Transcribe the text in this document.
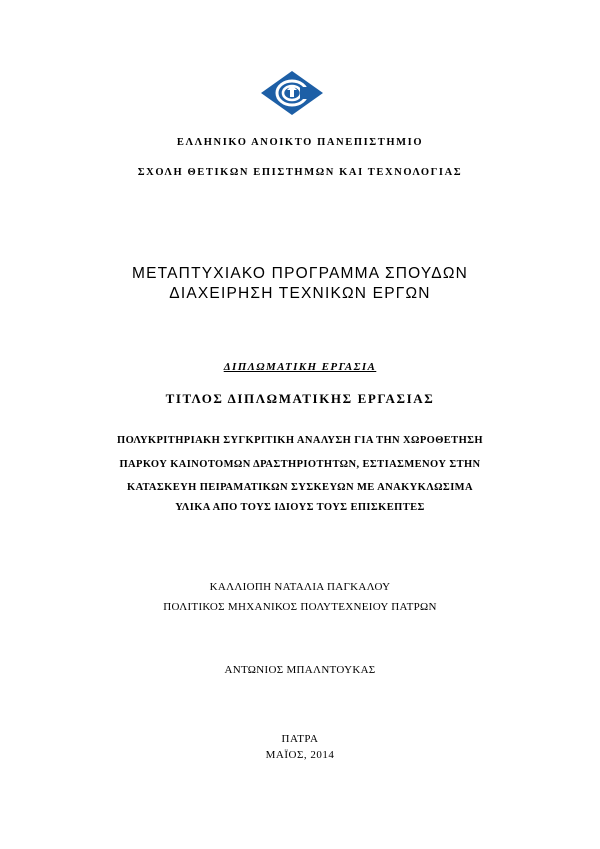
ΕΛΛΗΝΙΚΟ ΑΝΟΙΚΤΟ ΠΑΝΕΠΙΣΤΗΜΙΟ
ΣΧΟΛΗ ΘΕΤΙΚΩΝ ΕΠΙΣΤΗΜΩΝ ΚΑΙ ΤΕΧΝΟΛΟΓΙΑΣ
ΜΕΤΑΠΤΥΧΙΑΚΟ ΠΡΟΓΡΑΜΜΑ ΣΠΟΥΔΩΝ
ΔΙΑΧΕΙΡΗΣΗ ΤΕΧΝΙΚΩΝ ΕΡΓΩΝ
ΔΙΠΛΩΜΑΤΙΚΗ ΕΡΓΑΣΙΑ
ΤΙΤΛΟΣ ΔΙΠΛΩΜΑΤΙΚΗΣ ΕΡΓΑΣΙΑΣ
ΠΟΛΥΚΡΙΤΗΡΙΑΚΗ ΣΥΓΚΡΙΤΙΚΗ ΑΝΑΛΥΣΗ ΓΙΑ ΤΗΝ ΧΩΡΟΘΕΤΗΣΗ
ΠΑΡΚΟΥ ΚΑΙΝΟΤΟΜΩΝ ΔΡΑΣΤΗΡΙΟΤΗΤΩΝ, ΕΣΤΙΑΣΜΕΝΟΥ ΣΤΗΝ
ΚΑΤΑΣΚΕΥΗ ΠΕΙΡΑΜΑΤΙΚΩΝ ΣΥΣΚΕΥΩΝ ΜΕ ΑΝΑΚΥΚΛΩΣΙΜΑ
ΥΛΙΚΑ ΑΠΟ ΤΟΥΣ ΙΔΙΟΥΣ ΤΟΥΣ ΕΠΙΣΚΕΠΤΕΣ
ΚΑΛΛΙΟΠΗ ΝΑΤΑΛΙΑ ΠΑΓΚΑΛΟΥ
ΠΟΛΙΤΙΚΟΣ ΜΗΧΑΝΙΚΟΣ ΠΟΛΥΤΕΧΝΕΙΟΥ ΠΑΤΡΩΝ
ΑΝΤΩΝΙΟΣ ΜΠΑΛΝΤΟΥΚΑΣ
ΠΑΤΡΑ
ΜΑΪΟΣ, 2014
